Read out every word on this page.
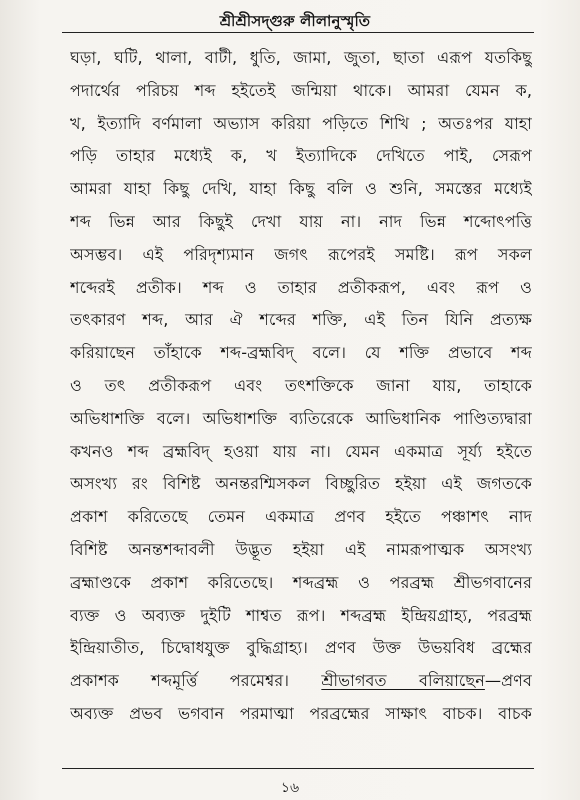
শ্রীশ্রীসদ্গুরু লীলানুস্মৃতি
ঘড়া, ঘটি, থালা, বাটী, ধুতি, জামা, জুতা, ছাতা এরূপ যতকিছু
পদার্থের পরিচয় শব্দ হইতেই জন্মিয়া থাকে। আমরা যেমন ক,
খ, ইত্যাদি বর্ণমালা অভ্যাস করিয়া পড়িতে শিখি ; অতঃপর যাহা
পড়ি তাহার মধ্যেই ক, খ ইত্যাদিকে দেখিতে পাই, সেরূপ
আমরা যাহা কিছু দেখি, যাহা কিছু বলি ও শুনি, সমস্তের মধ্যেই
শব্দ ভিন্ন আর কিছুই দেখা যায় না। নাদ ভিন্ন শব্দোৎপত্তি
অসম্ভব। এই পরিদৃশ্যমান জগৎ রূপেরই সমষ্টি। রূপ সকল
শব্দেরই প্রতীক। শব্দ ও তাহার প্রতীকরূপ, এবং রূপ ও
তৎকারণ শব্দ, আর ঐ শব্দের শক্তি, এই তিন যিনি প্রত্যক্ষ
করিয়াছেন তাঁহাকে শব্দ-ব্রহ্মবিদ্ বলে। যে শক্তি প্রভাবে শব্দ
ও তৎ প্রতীকরূপ এবং তৎশক্তিকে জানা যায়, তাহাকে
অভিধাশক্তি বলে। অভিধাশক্তি ব্যতিরেকে আভিধানিক পাণ্ডিত্যদ্বারা
কখনও শব্দ ব্রহ্মবিদ্ হওয়া যায় না। যেমন একমাত্র সূর্য্য হইতে
অসংখ্য রং বিশিষ্ট অনন্তরশ্মিসকল বিচ্ছুরিত হইয়া এই জগতকে
প্রকাশ করিতেছে তেমন একমাত্র প্রণব হইতে পঞ্চাশৎ নাদ
বিশিষ্ট অনন্তশব্দাবলী উদ্ভূত হইয়া এই নামরূপাত্মক অসংখ্য
ব্রহ্মাণ্ডকে প্রকাশ করিতেছে। শব্দব্রহ্ম ও পরব্রহ্ম শ্রীভগবানের
ব্যক্ত ও অব্যক্ত দুইটি শাশ্বত রূপ। শব্দব্রহ্ম ইন্দ্রিয়গ্রাহ্য, পরব্রহ্ম
ইন্দ্রিয়াতীত, চিদ্বোধযুক্ত বুদ্ধিগ্রাহ্য। প্রণব উক্ত উভয়বিধ ব্রহ্মের
প্রকাশক শব্দমূর্ত্তি পরমেশ্বর। শ্রীভাগবত বলিয়াছেন—প্রণব
অব্যক্ত প্রভব ভগবান পরমাত্মা পরব্রহ্মের সাক্ষাৎ বাচক। বাচক
১৬
